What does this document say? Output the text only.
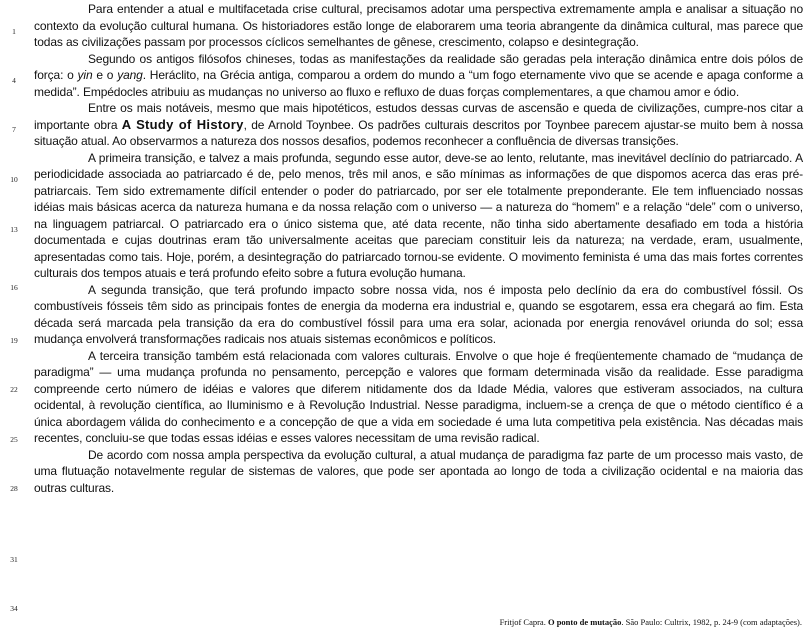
1
4
7
10
13
16
19
22
25
28
31
34

Para entender a atual e multifacetada crise cultural, precisamos adotar uma perspectiva extremamente ampla e analisar a situação no contexto da evolução cultural humana. Os historiadores estão longe de elaborarem uma teoria abrangente da dinâmica cultural, mas parece que todas as civilizações passam por processos cíclicos semelhantes de gênese, crescimento, colapso e desintegração.

Segundo os antigos filósofos chineses, todas as manifestações da realidade são geradas pela interação dinâmica entre dois pólos de força: o yin e o yang. Heráclito, na Grécia antiga, comparou a ordem do mundo a “um fogo eternamente vivo que se acende e apaga conforme a medida”. Empédocles atribuiu as mudanças no universo ao fluxo e refluxo de duas forças complementares, a que chamou amor e ódio.

Entre os mais notáveis, mesmo que mais hipotéticos, estudos dessas curvas de ascensão e queda de civilizações, cumpre-nos citar a importante obra A Study of History, de Arnold Toynbee. Os padrões culturais descritos por Toynbee parecem ajustar-se muito bem à nossa situação atual. Ao observarmos a natureza dos nossos desafios, podemos reconhecer a confluência de diversas transições.

A primeira transição, e talvez a mais profunda, segundo esse autor, deve-se ao lento, relutante, mas inevitável declínio do patriarcado. A periodicidade associada ao patriarcado é de, pelo menos, três mil anos, e são mínimas as informações de que dispomos acerca das eras pré-patriarcais. Tem sido extremamente difícil entender o poder do patriarcado, por ser ele totalmente preponderante. Ele tem influenciado nossas idéias mais básicas acerca da natureza humana e da nossa relação com o universo — a natureza do “homem” e a relação “dele” com o universo, na linguagem patriarcal. O patriarcado era o único sistema que, até data recente, não tinha sido abertamente desafiado em toda a história documentada e cujas doutrinas eram tão universalmente aceitas que pareciam constituir leis da natureza; na verdade, eram, usualmente, apresentadas como tais. Hoje, porém, a desintegração do patriarcado tornou-se evidente. O movimento feminista é uma das mais fortes correntes culturais dos tempos atuais e terá profundo efeito sobre a futura evolução humana.

A segunda transição, que terá profundo impacto sobre nossa vida, nos é imposta pelo declínio da era do combustível fóssil. Os combustíveis fósseis têm sido as principais fontes de energia da moderna era industrial e, quando se esgotarem, essa era chegará ao fim. Esta década será marcada pela transição da era do combustível fóssil para uma era solar, acionada por energia renovável oriunda do sol; essa mudança envolverá transformações radicais nos atuais sistemas econômicos e políticos.

A terceira transição também está relacionada com valores culturais. Envolve o que hoje é freqüentemente chamado de “mudança de paradigma” — uma mudança profunda no pensamento, percepção e valores que formam determinada visão da realidade. Esse paradigma compreende certo número de idéias e valores que diferem nitidamente dos da Idade Média, valores que estiveram associados, na cultura ocidental, à revolução científica, ao Iluminismo e à Revolução Industrial. Nesse paradigma, incluem-se a crença de que o método científico é a única abordagem válida do conhecimento e a concepção de que a vida em sociedade é uma luta competitiva pela existência. Nas décadas mais recentes, concluiu-se que todas essas idéias e esses valores necessitam de uma revisão radical.

De acordo com nossa ampla perspectiva da evolução cultural, a atual mudança de paradigma faz parte de um processo mais vasto, de uma flutuação notavelmente regular de sistemas de valores, que pode ser apontada ao longo de toda a civilização ocidental e na maioria das outras culturas.

Fritjof Capra. O ponto de mutação. São Paulo: Cultrix, 1982, p. 24-9 (com adaptações).
